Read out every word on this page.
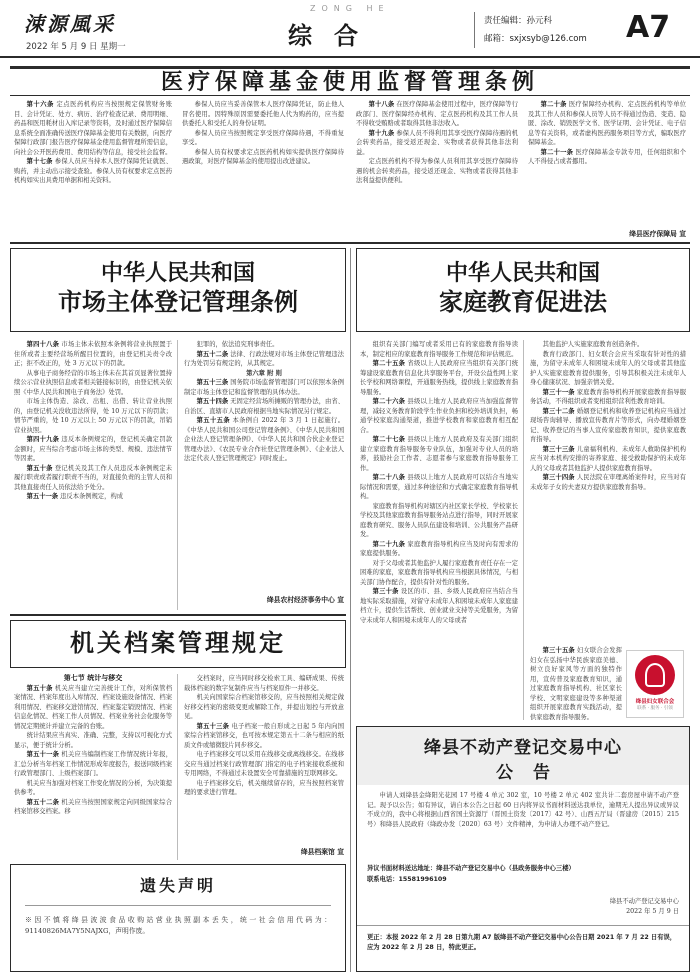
涑源風采
2022 年 5 月 9 日 星期一
ZONG HE
综合	责任编辑：孙元科
邮箱：sxjxsyb@126.com A7
医疗保障基金使用监督管理条例

第十六条 定点医药机构应当按照规定保管财务账目、会计凭证、处方、病历、治疗检查记录、费用明细、药品和医用耗材出入库记录等资料，及时通过医疗保障信息系统全面准确传送医疗保障基金使用有关数据，向医疗保障行政部门报告医疗保障基金使用监督管理所需信息，向社会公开医药费用、费用结构等信息，接受社会监督。

第十七条 参保人员应当持本人医疗保障凭证就医、购药，并主动出示接受查验。参保人员有权要求定点医药机构如实出具费用单据和相关资料。

参保人员应当妥善保管本人医疗保障凭证，防止他人冒名使用。因特殊原因需要委托他人代为购药的，应当提供委托人和受托人的身份证明。

参保人员应当按照规定享受医疗保障待遇，不得重复享受。

参保人员有权要求定点医药机构如实提供医疗保障待遇政策，对医疗保障基金的使用提出改进建议。

第十八条 在医疗保障基金使用过程中，医疗保障等行政部门、医疗保障经办机构、定点医药机构及其工作人员不得收受贿赂或者取得其他非法收入。

第十九条 参保人员不得利用其享受医疗保障待遇的机会转卖药品，接受返还现金、实物或者获得其他非法利益。

定点医药机构不得为参保人员利用其享受医疗保障待遇的机会转卖药品，接受返还现金、实物或者获得其他非法利益提供便利。

第二十条 医疗保障经办机构、定点医药机构等单位及其工作人员和参保人员等人员不得通过伪造、变造、隐匿、涂改、销毁医学文书、医学证明、会计凭证、电子信息等有关资料，或者虚构医药服务项目等方式，骗取医疗保障基金。

第二十一条 医疗保障基金专款专用，任何组织和个人不得侵占或者挪用。

绛县医疗保障局 宣
中华人民共和国
市场主体登记管理条例

第四十八条 市场主体未依照本条例将营业执照置于住所或者主要经营场所醒目位置的，由登记机关责令改正；拒不改正的，处 3 万元以下的罚款。

从事电子商务经营的市场主体未在其首页显著位置持续公示营业执照信息或者相关链接标识的，由登记机关依照《中华人民共和国电子商务法》处罚。

市场主体伪造、涂改、出租、出借、转让营业执照的，由登记机关没收违法所得，处 10 万元以下的罚款；情节严重的，处 10 万元以上 50 万元以下的罚款，吊销营业执照。

第四十九条 违反本条例规定的，登记机关确定罚款金额时，应当综合考虑市场主体的类型、规模、违法情节等因素。

第五十条 登记机关及其工作人员违反本条例规定未履行职责或者履行职责不当的，对直接负责的主管人员和其他直接责任人员依法给予处分。

第五十一条 违反本条例规定，构成

犯罪的，依法追究刑事责任。

第五十二条 法律、行政法规对市场主体登记管理违法行为处罚另有规定的，从其规定。

第六章 附 则

第五十三条 国务院市场监督管理部门可以依照本条例制定市场主体登记和监督管理的具体办法。

第五十四条 无固定经营场所摊贩的管理办法，由省、自治区、直辖市人民政府根据当地实际情况另行规定。

第五十五条 本条例自 2022 年 3 月 1 日起施行。《中华人民共和国公司登记管理条例》、《中华人民共和国企业法人登记管理条例》、《中华人民共和国合伙企业登记管理办法》、《农民专业合作社登记管理条例》、《企业法人法定代表人登记管理规定》同时废止。

绛县农村经济事务中心 宣
机关档案管理规定
第七节 统计与移交

第五十条 机关应当建立完善统计工作，对所保管档案情况、档案年度出入库情况、档案设施设备情况、档案利用情况、档案移交进馆情况、档案鉴定销毁情况、档案信息化情况、档案工作人员情况、档案业务社会化服务等情况定期统计并建立完备的台账。

统计结果应当真实、准确、完整，支持以可视化方式显示，便于统计分析。

第五十一条 机关应当编制档案工作情况统计年报，汇总分析当年档案工作情况形成年度报告，报送同级档案行政管理部门、上级档案部门。

机关应当加强对档案工作变化情况的分析，为决策提供参考。

第五十二条 机关应当按照国家规定向同级国家综合档案馆移交档案。移

交档案时，应当同时移交检索工具、编研成果、传统载体档案的数字复制件应当与档案原件一并移交。

机关向国家综合档案馆移交的，应当按照相关规定做好移交档案的密级变更或解除工作，并提出划控与开放意见。

第五十三条 电子档案一般自形成之日起 5 年内向国家综合档案馆移交，也可按本规定第五十二条与相应的纸质文件或缩微胶片同步移交。

电子档案移交可以采用在线移交或离线移交。在线移交应当通过档案行政管理部门指定的电子档案接收系统和专用网络，不得通过未设置安全可靠措施的互联网移交。

电子档案移交后，机关继续留存的，应当按照档案管理的要求进行管理。

绛县档案馆 宣
遗失声明
※因不慎将绛县波波食品收购站营业执照副本丢失，统一社会信用代码为：91140826MA7Y5NAJXG，声明作废。
中华人民共和国
家庭教育促进法

组织有关部门编写或者采用已有的家庭教育指导读本，制定相应的家庭教育指导服务工作规范和评估规范。

第二十五条 省级以上人民政府应当组织有关部门统筹建设家庭教育信息化共享服务平台，开设公益性网上家长学校和网络课程，开通服务热线，提供线上家庭教育指导服务。

第二十六条 县级以上地方人民政府应当加强监督管理，减轻义务教育阶段学生作业负担和校外培训负担，畅通学校家庭沟通渠道，推进学校教育和家庭教育相互配合。

第二十七条 县级以上地方人民政府及有关部门组织建立家庭教育指导服务专业队伍，加强对专业人员的培养，鼓励社会工作者、志愿者参与家庭教育指导服务工作。

第二十八条 县级以上地方人民政府可以结合当地实际情况和需要，通过多种途径和方式确定家庭教育指导机构。

家庭教育指导机构对辖区内社区家长学校、学校家长学校及其他家庭教育指导服务站点进行指导，同时开展家庭教育研究、服务人员队伍建设和培训、公共服务产品研发。

第二十九条 家庭教育指导机构应当及时向有需求的家庭提供服务。

对于父母或者其他监护人履行家庭教育责任存在一定困难的家庭，家庭教育指导机构应当根据具体情况，与相关部门协作配合，提供有针对性的服务。

第三十条 设区的市、县、乡级人民政府应当结合当地实际采取措施，对留守未成年人和困境未成年人家庭建档立卡，提供生活帮扶、创业就业支持等关爱服务，为留守未成年人和困境未成年人的父母或者

其他监护人实施家庭教育创造条件。

教育行政部门、妇女联合会应当采取有针对性的措施，为留守未成年人和困境未成年人的父母或者其他监护人实施家庭教育提供服务，引导其积极关注未成年人身心健康状况、加强亲情关爱。

第三十一条 家庭教育指导机构开展家庭教育指导服务活动，不得组织或者变相组织营利性教育培训。

第三十二条 婚姻登记机构和收养登记机构应当通过现场咨询辅导、播放宣传教育片等形式，向办理婚姻登记、收养登记的当事人宣传家庭教育知识，提供家庭教育指导。

第三十三条 儿童福利机构、未成年人救助保护机构应当对本机构安排的寄养家庭、接受救助保护的未成年人的父母或者其他监护人提供家庭教育指导。

第三十四条 人民法院在审理离婚案件时，应当对有未成年子女的夫妻双方提供家庭教育指导。

第三十五条 妇女联合会发挥妇女在弘扬中华民族家庭美德、树立良好家风等方面的独特作用，宣传普及家庭教育知识，通过家庭教育指导机构、社区家长学校、文明家庭建设等多种渠道组织开展家庭教育实践活动，提供家庭教育指导服务。

绛县妇女联合会
联系 · 服务 · 引领
绛县不动产登记交易中心
公告

申请人刘绛县金绛阳光花园 17 号楼 4 单元 302 室，10 号楼 2 单元 402 室共计二套房屋申请不动产登记。现予以公告；如有异议，请自本公告之日起 60 日内将异议书面材料送达我单位，逾期无人提出异议或异议不成立的，我中心将根据山西省国土资源厅（晋国土资发〔2017〕42 号）、山西五厅局（晋建房〔2015〕215 号）和绛县人民政府（绛政办发〔2020〕63 号）文件精神，为申请人办理不动产登记。

异议书面材料送达地址：绛县不动产登记交易中心（县政务服务中心三楼）
联系电话：15581996109
绛县不动产登记交易中心
2022 年 5 月 9 日
更正：本报 2022 年 2 月 28 日第九期 A7 版绛县不动产登记交易中心公告日期 2021 年 7 月 22 日有误，应为 2022 年 2 月 28 日，特此更正。
